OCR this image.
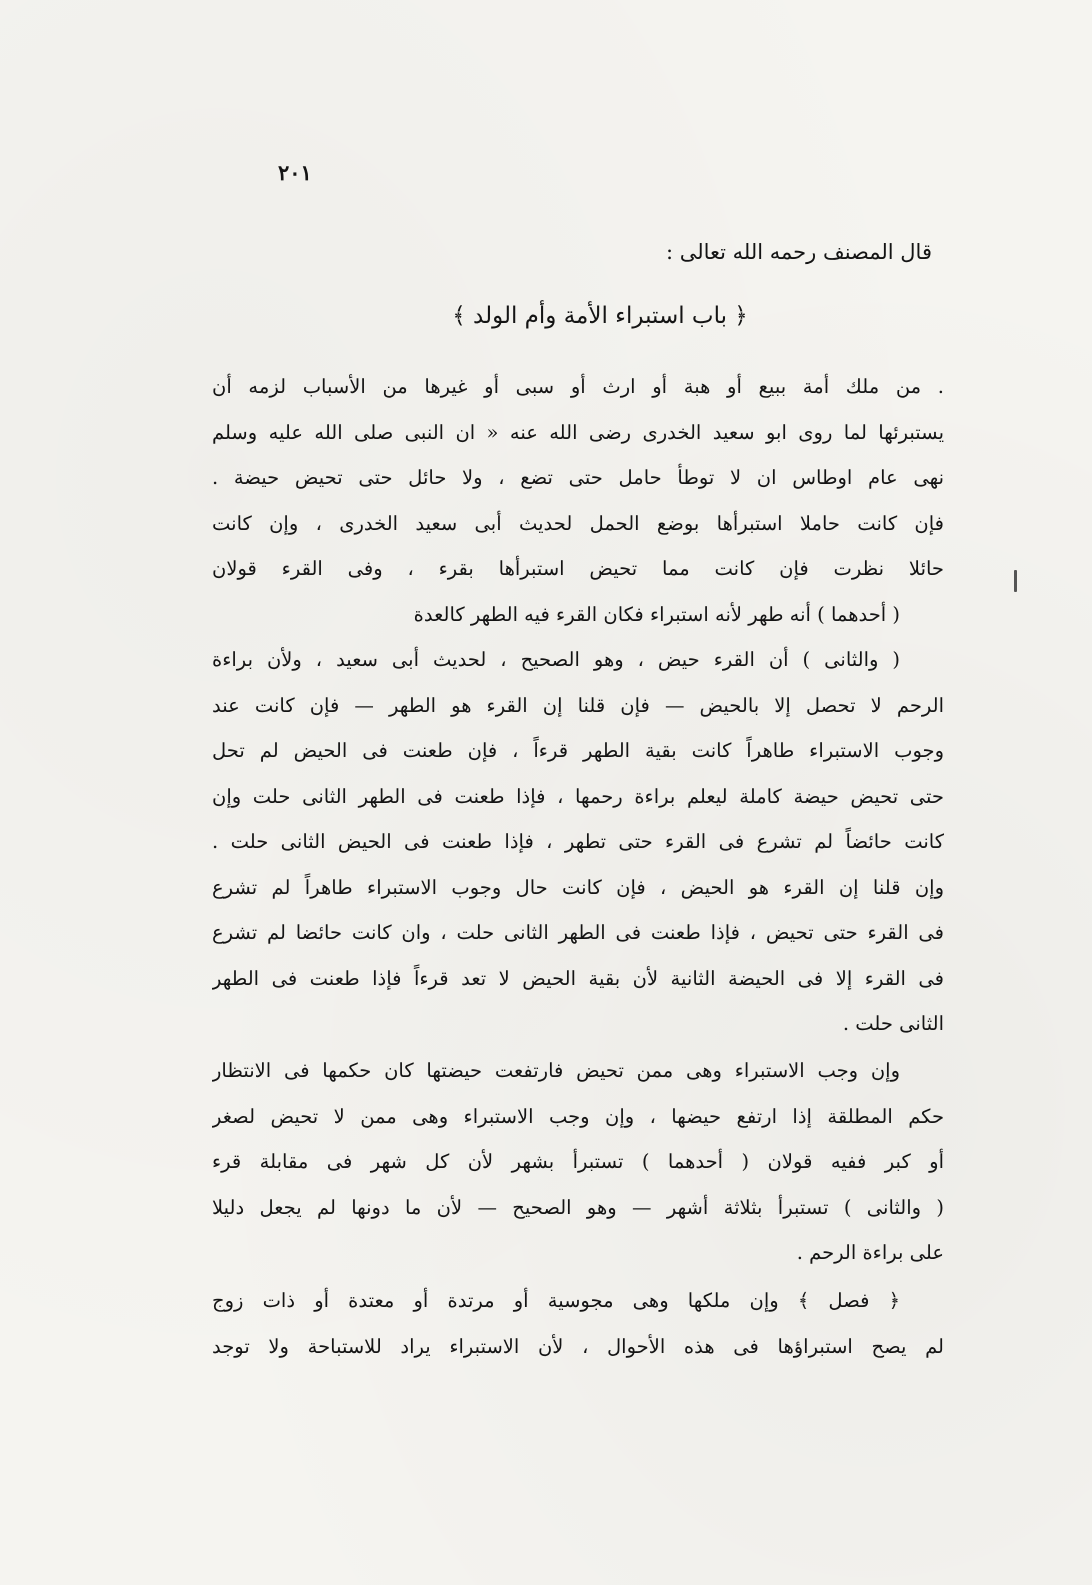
٢٠١
قال المصنف رحمه الله تعالى :
﴿ باب استبراء الأمة وأم الولد ﴾
. من ملك أمة ببيع أو هبة أو ارث أو سبى أو غيرها من الأسباب لزمه أن
يستبرئها لما روى ابو سعيد الخدرى رضى الله عنه « ان النبى صلى الله عليه وسلم
نهى عام اوطاس ان لا توطأ حامل حتى تضع ، ولا حائل حتى تحيض حيضة .
فإن كانت حاملا استبرأها بوضع الحمل لحديث أبى سعيد الخدرى ، وإن كانت
حائلا نظرت فإن كانت مما تحيض استبرأها بقرء ، وفى القرء قولان
( أحدهما ) أنه طهر لأنه استبراء فكان القرء فيه الطهر كالعدة
( والثانى ) أن القرء حيض ، وهو الصحيح ، لحديث أبى سعيد ، ولأن براءة
الرحم لا تحصل إلا بالحيض — فإن قلنا إن القرء هو الطهر — فإن كانت عند
وجوب الاستبراء طاهراً كانت بقية الطهر قرءاً ، فإن طعنت فى الحيض لم تحل
حتى تحيض حيضة كاملة ليعلم براءة رحمها ، فإذا طعنت فى الطهر الثانى حلت وإن
كانت حائضاً لم تشرع فى القرء حتى تطهر ، فإذا طعنت فى الحيض الثانى حلت .
وإن قلنا إن القرء هو الحيض ، فإن كانت حال وجوب الاستبراء طاهراً لم تشرع
فى القرء حتى تحيض ، فإذا طعنت فى الطهر الثانى حلت ، وان كانت حائضا لم تشرع
فى القرء إلا فى الحيضة الثانية لأن بقية الحيض لا تعد قرءاً فإذا طعنت فى الطهر
الثانى حلت .
وإن وجب الاستبراء وهى ممن تحيض فارتفعت حيضتها كان حكمها فى الانتظار
حكم المطلقة إذا ارتفع حيضها ، وإن وجب الاستبراء وهى ممن لا تحيض لصغر
أو كبر ففيه قولان ( أحدهما ) تستبرأ بشهر لأن كل شهر فى مقابلة قرء
( والثانى ) تستبرأ بثلاثة أشهر — وهو الصحيح — لأن ما دونها لم يجعل دليلا
على براءة الرحم .
﴿ فصل ﴾ وإن ملكها وهى مجوسية أو مرتدة أو معتدة أو ذات زوج
لم يصح استبراؤها فى هذه الأحوال ، لأن الاستبراء يراد للاستباحة ولا توجد
